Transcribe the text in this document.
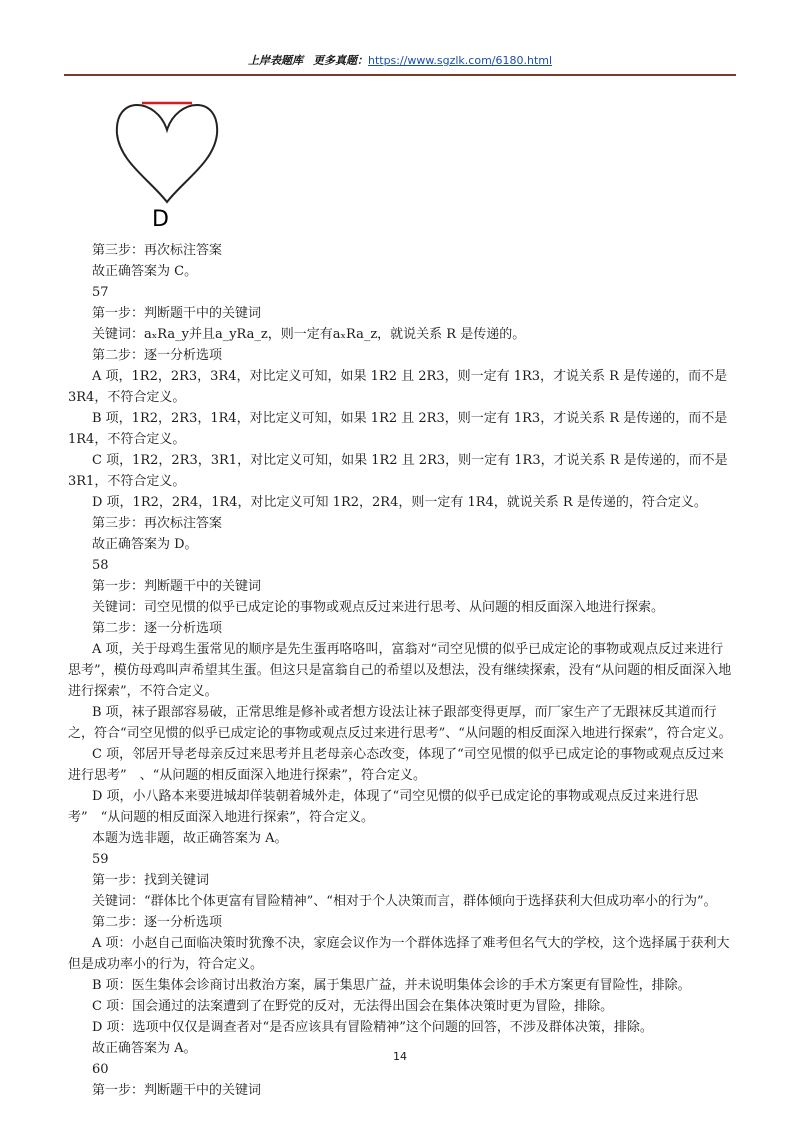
上岸表题库 更多真题：https://www.sgzlk.com/6180.html
D

第三步：再次标注答案

故正确答案为 C。

57

第一步：判断题干中的关键词

关键词：aₓRa_y并且a_yRa_z，则一定有aₓRa_z，就说关系 R 是传递的。

第二步：逐一分析选项

A 项，1R2，2R3，3R4，对比定义可知，如果 1R2 且 2R3，则一定有 1R3，才说关系 R 是传递的，而不是 3R4，不符合定义。

B 项，1R2，2R3，1R4，对比定义可知，如果 1R2 且 2R3，则一定有 1R3，才说关系 R 是传递的，而不是 1R4，不符合定义。

C 项，1R2，2R3，3R1，对比定义可知，如果 1R2 且 2R3，则一定有 1R3，才说关系 R 是传递的，而不是 3R1，不符合定义。

D 项，1R2，2R4，1R4，对比定义可知 1R2，2R4，则一定有 1R4，就说关系 R 是传递的，符合定义。

第三步：再次标注答案

故正确答案为 D。

58

第一步：判断题干中的关键词

关键词：司空见惯的似乎已成定论的事物或观点反过来进行思考、从问题的相反面深入地进行探索。

第二步：逐一分析选项

A 项，关于母鸡生蛋常见的顺序是先生蛋再咯咯叫，富翁对“司空见惯的似乎已成定论的事物或观点反过来进行思考”，模仿母鸡叫声希望其生蛋。但这只是富翁自己的希望以及想法，没有继续探索，没有“从问题的相反面深入地进行探索”，不符合定义。

B 项，袜子跟部容易破，正常思维是修补或者想方设法让袜子跟部变得更厚，而厂家生产了无跟袜反其道而行之，符合“司空见惯的似乎已成定论的事物或观点反过来进行思考”、“从问题的相反面深入地进行探索”，符合定义。

C 项，邻居开导老母亲反过来思考并且老母亲心态改变，体现了“司空见惯的似乎已成定论的事物或观点反过来进行思考”　、“从问题的相反面深入地进行探索”，符合定义。

D 项，小八路本来要进城却佯装朝着城外走，体现了“司空见惯的似乎已成定论的事物或观点反过来进行思考”　“从问题的相反面深入地进行探索”，符合定义。

本题为选非题，故正确答案为 A。

59

第一步：找到关键词

关键词：“群体比个体更富有冒险精神”、“相对于个人决策而言，群体倾向于选择获利大但成功率小的行为”。

第二步：逐一分析选项

A 项：小赵自己面临决策时犹豫不决，家庭会议作为一个群体选择了难考但名气大的学校，这个选择属于获利大但是成功率小的行为，符合定义。

B 项：医生集体会诊商讨出救治方案，属于集思广益，并未说明集体会诊的手术方案更有冒险性，排除。

C 项：国会通过的法案遭到了在野党的反对，无法得出国会在集体决策时更为冒险，排除。

D 项：选项中仅仅是调查者对“是否应该具有冒险精神”这个问题的回答，不涉及群体决策，排除。

故正确答案为 A。

60

第一步：判断题干中的关键词

14
